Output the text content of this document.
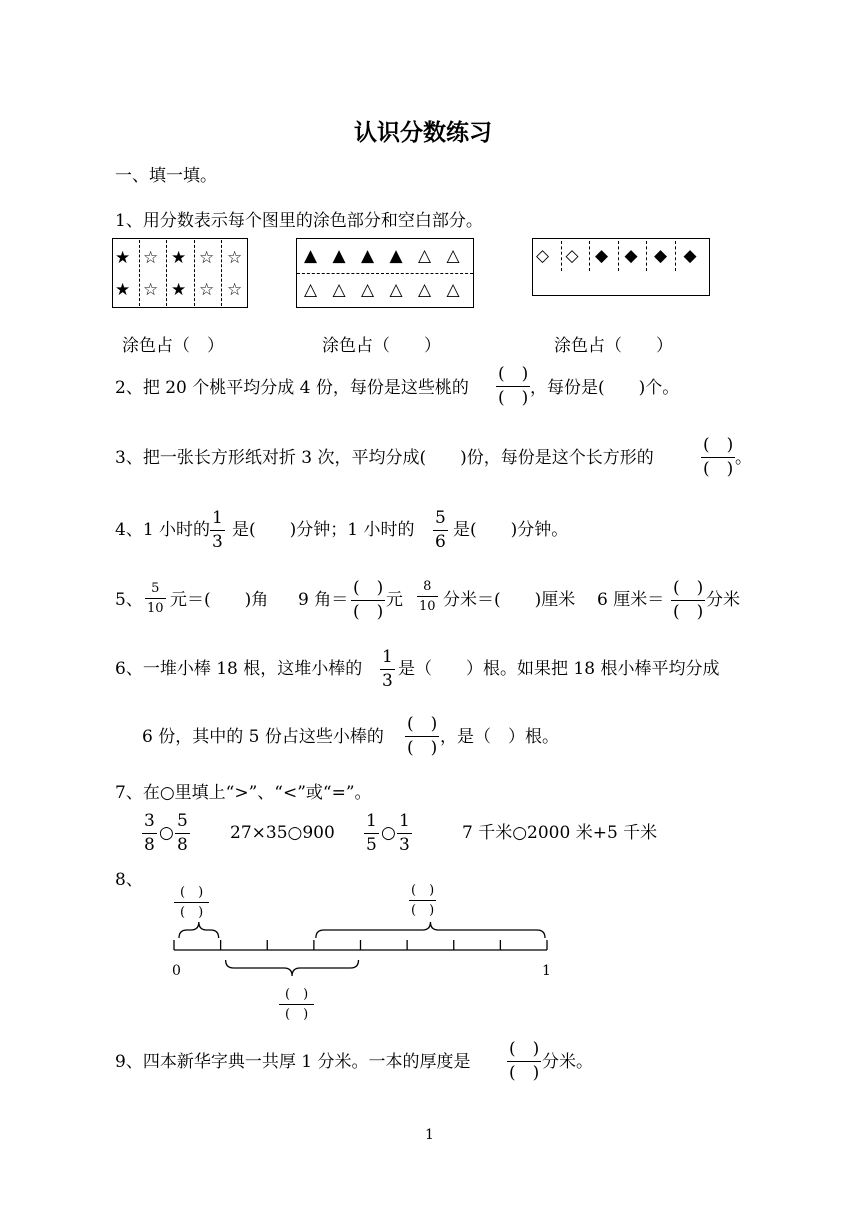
认识分数练习
一、填一填。
1、用分数表示每个图里的涂色部分和空白部分。
★ ☆ ★ ☆ ☆
★ ☆ ★ ☆ ☆
▲ ▲ ▲ ▲ △ △
△ △ △ △ △ △
◇ ◇ ◆ ◆ ◆ ◆
涂色占（　）	涂色占（　　）	涂色占（　　）
2、把 20 个桃平均分成 4 份，每份是这些桃的
(　)
(　) ，每份是(　　)个。
3、把一张长方形纸对折 3 次，平均分成(　　)份，每份是这个长方形的
(　)
(　)
。
4、1 小时的 $\frac{1}{3}$ 是(　　)分钟；1 小时的 $\frac{5}{6}$ 是(　　)分钟。
5、 $\frac{5}{10}$ 元＝(　　)角 9 角＝
(　)
(　)
元 $\frac{8}{10}$ 分米＝(　　)厘米 6 厘米＝
(　)
(　)
分米
6、一堆小棒 18 根，这堆小棒的 $\frac{1}{3}$ 是（　　）根。如果把 18 根小棒平均分成
6 份，其中的 5 份占这些小棒的
(　)
(　)
，是（　）根。
7、在○里填上“>”、“<”或“=”。
$\frac{3}{8}$ ○ $\frac{5}{8}$ 27×35○900 $\frac{1}{5}$ ○ $\frac{1}{3}$	7 千米○2000 米+5 千米
8、
(　)
(　)
(　)
(　)
0	1
(　)
(　)
9、四本新华字典一共厚 1 分米。一本的厚度是
(　)
(　)
分米。
1
